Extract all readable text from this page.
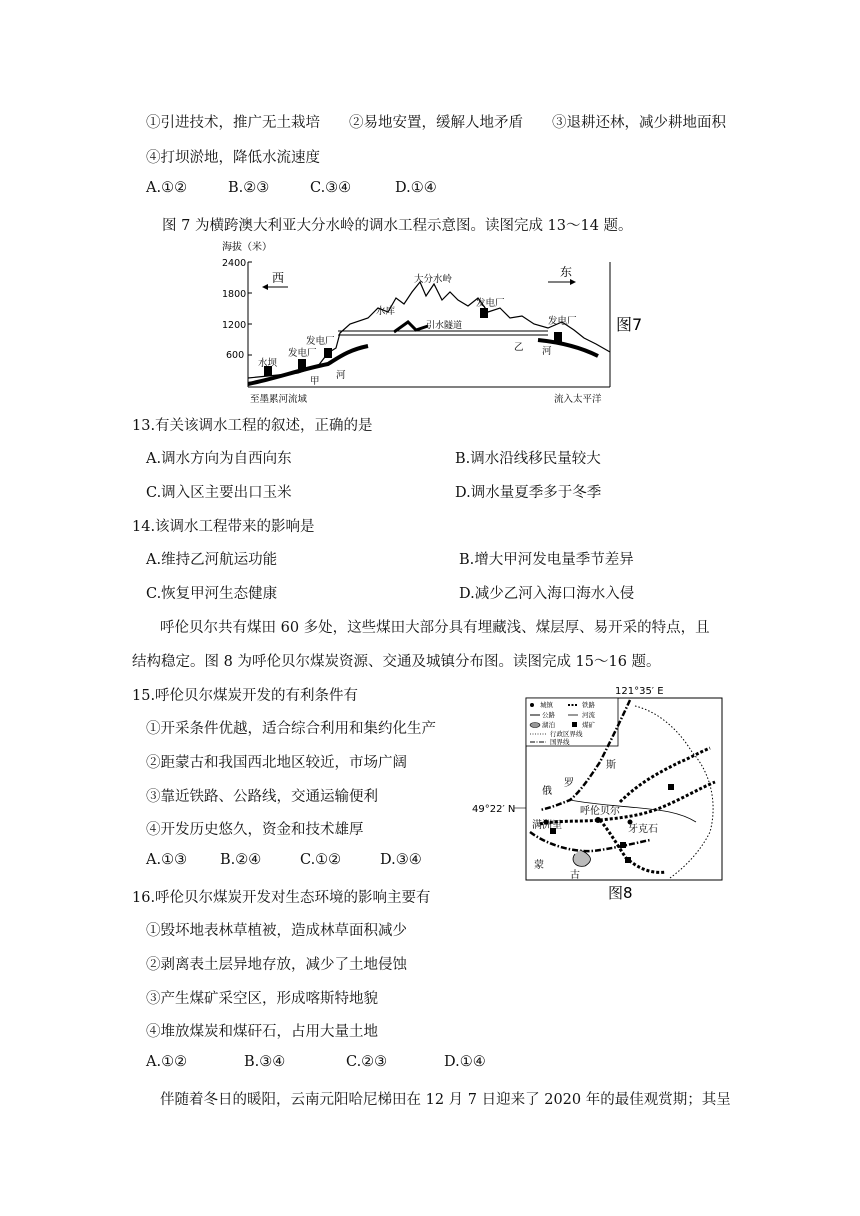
①引进技术，推广无土栽培　　②易地安置，缓解人地矛盾　　③退耕还林，减少耕地面积
④打坝淤地，降低水流速度
A.①②	B.②③	C.③④	D.①④
图 7 为横跨澳大利亚大分水岭的调水工程示意图。读图完成 13～14 题。
海拔（米）
2400
1800
1200
600
西	东
引水隧道
水库
大分水岭
水坝
发电厂
发电厂
发电厂
发电厂
甲
河
乙 河
至墨累河流域	流入太平洋
图7
13.有关该调水工程的叙述，正确的是
A.调水方向为自西向东	B.调水沿线移民量较大
C.调入区主要出口玉米	D.调水量夏季多于冬季
14.该调水工程带来的影响是
A.维持乙河航运功能	B.增大甲河发电量季节差异
C.恢复甲河生态健康	D.减少乙河入海口海水入侵
呼伦贝尔共有煤田 60 多处，这些煤田大部分具有埋藏浅、煤层厚、易开采的特点，且
结构稳定。图 8 为呼伦贝尔煤炭资源、交通及城镇分布图。读图完成 15～16 题。
15.呼伦贝尔煤炭开发的有利条件有
①开采条件优越，适合综合利用和集约化生产
②距蒙古和我国西北地区较近，市场广阔
③靠近铁路、公路线，交通运输便利
④开发历史悠久，资金和技术雄厚
A.①③ B.②④	C.①②	D.③④
121°35′ E
城镇	铁路
公路	河流
湖泊	煤矿
行政区界线
国界线
斯
罗
俄
呼伦贝尔
满洲里	牙克石
蒙
古
49°22′ N
图8
16.呼伦贝尔煤炭开发对生态环境的影响主要有
①毁坏地表林草植被，造成林草面积减少
②剥离表土层异地存放，减少了土地侵蚀
③产生煤矿采空区，形成喀斯特地貌
④堆放煤炭和煤矸石，占用大量土地
A.①②	B.③④	C.②③	D.①④
伴随着冬日的暖阳，云南元阳哈尼梯田在 12 月 7 日迎来了 2020 年的最佳观赏期；其呈
